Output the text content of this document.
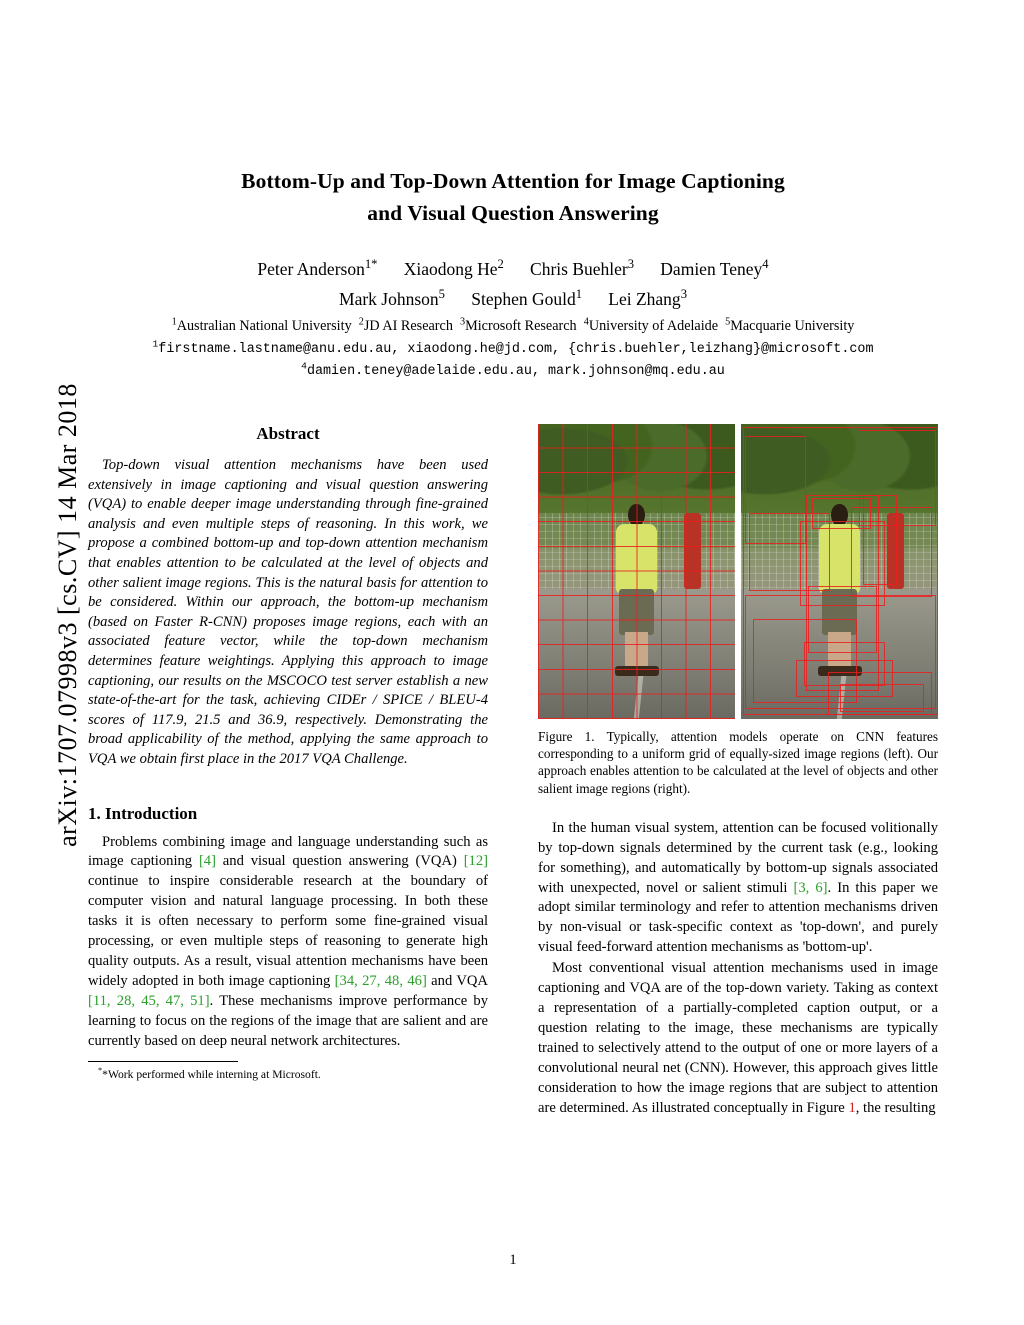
arXiv:1707.07998v3 [cs.CV] 14 Mar 2018
Bottom-Up and Top-Down Attention for Image Captioning
and Visual Question Answering
Peter Anderson$^{1*}$ Xiaodong He$^2$ Chris Buehler$^3$ Damien Teney$^4$
Mark Johnson$^5$ Stephen Gould$^1$ Lei Zhang$^3$
$^1$Australian National University $^2$JD AI Research $^3$Microsoft Research $^4$University of Adelaide $^5$Macquarie University
$^1$firstname.lastname@anu.edu.au, xiaodong.he@jd.com, {chris.buehler,leizhang}@microsoft.com
$^4$damien.teney@adelaide.edu.au, mark.johnson@mq.edu.au
Abstract

Top-down visual attention mechanisms have been used extensively in image captioning and visual question answering (VQA) to enable deeper image understanding through fine-grained analysis and even multiple steps of reasoning. In this work, we propose a combined bottom-up and top-down attention mechanism that enables attention to be calculated at the level of objects and other salient image regions. This is the natural basis for attention to be considered. Within our approach, the bottom-up mechanism (based on Faster R-CNN) proposes image regions, each with an associated feature vector, while the top-down mechanism determines feature weightings. Applying this approach to image captioning, our results on the MSCOCO test server establish a new state-of-the-art for the task, achieving CIDEr / SPICE / BLEU-4 scores of 117.9, 21.5 and 36.9, respectively. Demonstrating the broad applicability of the method, applying the same approach to VQA we obtain first place in the 2017 VQA Challenge.

1. Introduction

Problems combining image and language understanding such as image captioning [4] and visual question answering (VQA) [12] continue to inspire considerable research at the boundary of computer vision and natural language processing. In both these tasks it is often necessary to perform some fine-grained visual processing, or even multiple steps of reasoning to generate high quality outputs. As a result, visual attention mechanisms have been widely adopted in both image captioning [34, 27, 48, 46] and VQA [11, 28, 45, 47, 51]. These mechanisms improve performance by learning to focus on the regions of the image that are salient and are currently based on deep neural network architectures.

**Work performed while interning at Microsoft.
Figure 1. Typically, attention models operate on CNN features corresponding to a uniform grid of equally-sized image regions (left). Our approach enables attention to be calculated at the level of objects and other salient image regions (right).

In the human visual system, attention can be focused volitionally by top-down signals determined by the current task (e.g., looking for something), and automatically by bottom-up signals associated with unexpected, novel or salient stimuli [3, 6]. In this paper we adopt similar terminology and refer to attention mechanisms driven by non-visual or task-specific context as 'top-down', and purely visual feed-forward attention mechanisms as 'bottom-up'.

Most conventional visual attention mechanisms used in image captioning and VQA are of the top-down variety. Taking as context a representation of a partially-completed caption output, or a question relating to the image, these mechanisms are typically trained to selectively attend to the output of one or more layers of a convolutional neural net (CNN). However, this approach gives little consideration to how the image regions that are subject to attention are determined. As illustrated conceptually in Figure 1, the resulting

1
